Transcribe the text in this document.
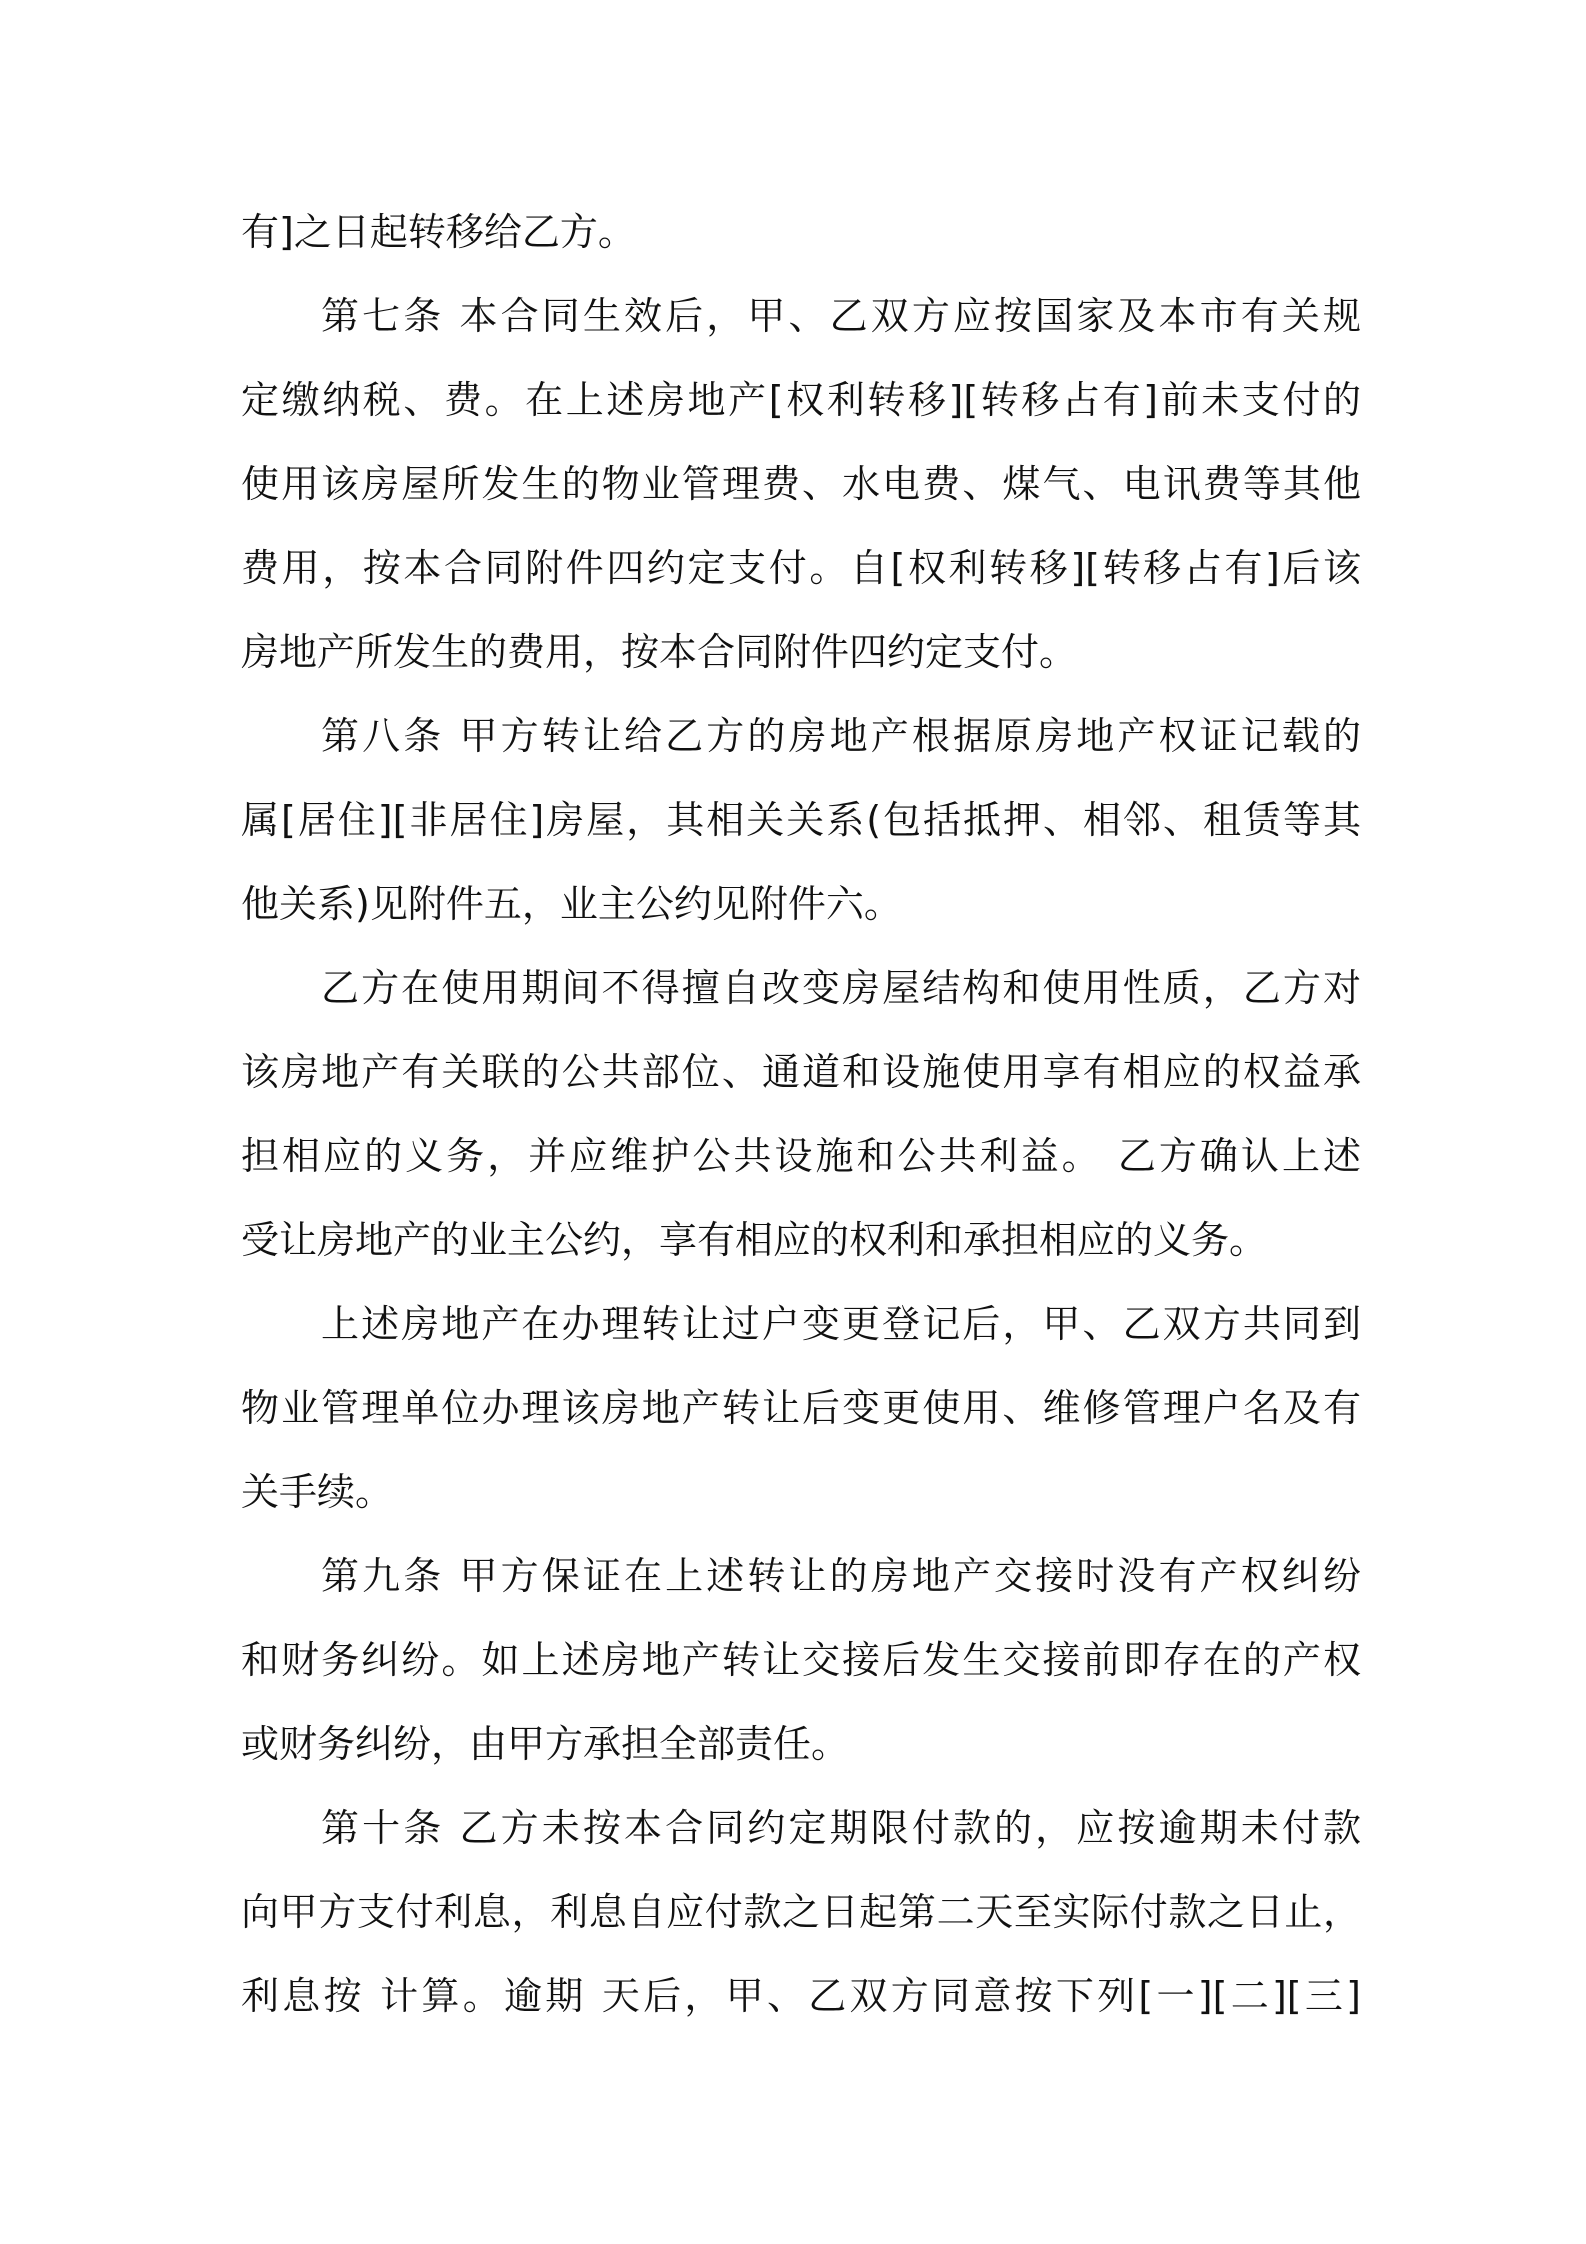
有]之日起转移给乙方。
第七条 本合同生效后，甲、乙双方应按国家及本市有关规
定缴纳税、费。在上述房地产[权利转移][转移占有]前未支付的
使用该房屋所发生的物业管理费、水电费、煤气、电讯费等其他
费用，按本合同附件四约定支付。自[权利转移][转移占有]后该
房地产所发生的费用，按本合同附件四约定支付。
第八条 甲方转让给乙方的房地产根据原房地产权证记载的
属[居住][非居住]房屋，其相关关系(包括抵押、相邻、租赁等其
他关系)见附件五，业主公约见附件六。
乙方在使用期间不得擅自改变房屋结构和使用性质，乙方对
该房地产有关联的公共部位、通道和设施使用享有相应的权益承
担相应的义务，并应维护公共设施和公共利益。 乙方确认上述
受让房地产的业主公约，享有相应的权利和承担相应的义务。
上述房地产在办理转让过户变更登记后，甲、乙双方共同到
物业管理单位办理该房地产转让后变更使用、维修管理户名及有
关手续。
第九条 甲方保证在上述转让的房地产交接时没有产权纠纷
和财务纠纷。如上述房地产转让交接后发生交接前即存在的产权
或财务纠纷，由甲方承担全部责任。
第十条 乙方未按本合同约定期限付款的，应按逾期未付款
向甲方支付利息，利息自应付款之日起第二天至实际付款之日止，
利息按 计算。逾期 天后，甲、乙双方同意按下列[一][二][三]
